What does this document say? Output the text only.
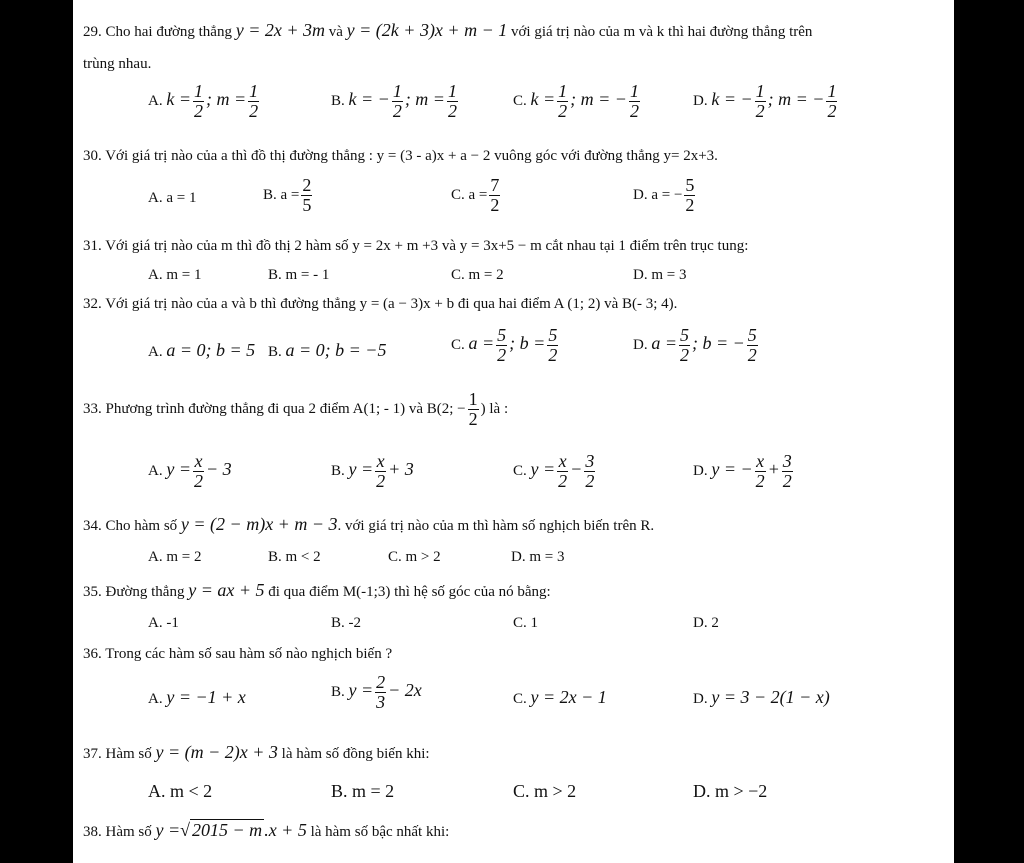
29. Cho hai đường thẳng y = 2x + 3m và y = (2k + 3)x + m − 1 với giá trị nào của m và k thì hai đường thẳng trên
trùng nhau.
A. $k = \frac{1}{2}$ ; $m = \frac{1}{2}$	B. k = − $\frac{1}{2}$ ; $m = \frac{1}{2}$	C. $k = \frac{1}{2}$ ; m = − $\frac{1}{2}$	D. k = − $\frac{1}{2}$ ; m = − $\frac{1}{2}$
30. Với giá trị nào của a thì đồ thị đường thẳng : y = (3 - a)x + a − 2 vuông góc với đường thẳng y= 2x+3.
A. a = 1	B. $a = \frac{2}{5}$	C. $a = \frac{7}{2}$	D. a = − $\frac{5}{2}$
31. Với giá trị nào của m thì đồ thị 2 hàm số y = 2x + m +3 và y = 3x+5 − m cắt nhau tại 1 điểm trên trục tung:
A. m = 1	B. m = - 1	C. m = 2	D. m = 3
32. Với giá trị nào của a và b thì đường thẳng y = (a − 3)x + b đi qua hai điểm A (1; 2) và B(- 3; 4).
A. a = 0; b = 5 B. a = 0; b = −5	C. $a = \frac{5}{2}$ ; $b = \frac{5}{2}$	D. $a = \frac{5}{2}$ ; b = − $\frac{5}{2}$
33. Phương trình đường thẳng đi qua 2 điểm A(1; - 1) và B(2; − $\frac{1}{2}$ ) là :
A. $y = \frac{x}{2} - 3$	B. $y = \frac{x}{2} + 3$	C. $y = \frac{x}{2} - \frac{3}{2}$	D. y = − $\frac{x}{2} + \frac{3}{2}$
34. Cho hàm số y = (2 − m)x + m − 3. với giá trị nào của m thì hàm số nghịch biến trên R.
A. m = 2	B. m < 2	C. m > 2	D. m = 3
35. Đường thẳng y = ax + 5 đi qua điểm M(-1;3) thì hệ số góc của nó bằng:
A. -1	B. -2	C. 1	D. 2
36. Trong các hàm số sau hàm số nào nghịch biến ?
A. y = −1 + x	B. $y = \frac{2}{3} - 2x$	C. y = 2x − 1	D. y = 3 − 2(1 − x)
37. Hàm số y = (m − 2)x + 3 là hàm số đồng biến khi:
A. m < 2	B. m = 2	C. m > 2	D. m > −2
38. Hàm số y =√ 2015 − m .x + 5 là hàm số bậc nhất khi:
